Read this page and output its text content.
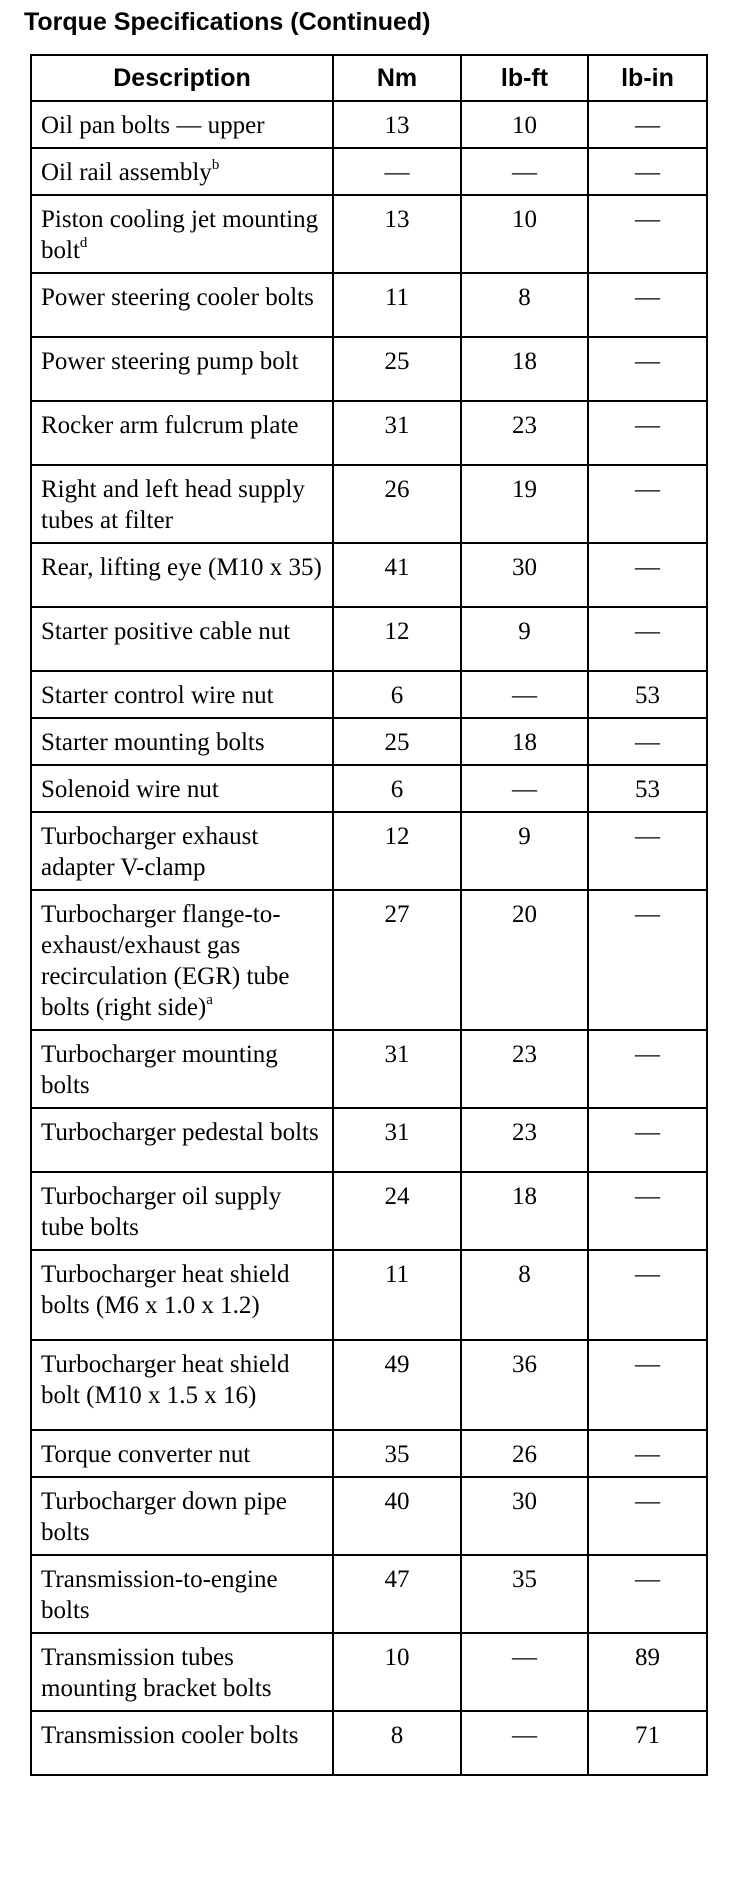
Torque Specifications (Continued)
Description	Nm	lb-ft	lb-in
Oil pan bolts — upper	13	10	—
Oil rail assembly$^b$	—	—	—
Piston cooling jet mounting bolt$^d$	13	10	—
Power steering cooler bolts	11	8	—
Power steering pump bolt	25	18	—
Rocker arm fulcrum plate	31	23	—
Right and left head supply tubes at filter	26	19	—
Rear, lifting eye (M10 x 35)	41	30	—
Starter positive cable nut	12	9	—
Starter control wire nut	6	—	53
Starter mounting bolts	25	18	—
Solenoid wire nut	6	—	53
Turbocharger exhaust adapter V-clamp	12	9	—
Turbocharger flange-to-exhaust/exhaust gas recirculation (EGR) tube bolts (right side)$^a$	27	20	—
Turbocharger mounting bolts	31	23	—
Turbocharger pedestal bolts	31	23	—
Turbocharger oil supply tube bolts	24	18	—
Turbocharger heat shield bolts (M6 x 1.0 x 1.2)	11	8	—
Turbocharger heat shield bolt (M10 x 1.5 x 16)	49	36	—
Torque converter nut	35	26	—
Turbocharger down pipe bolts	40	30	—
Transmission-to-engine bolts	47	35	—
Transmission tubes mounting bracket bolts	10	—	89
Transmission cooler bolts	8	—	71
